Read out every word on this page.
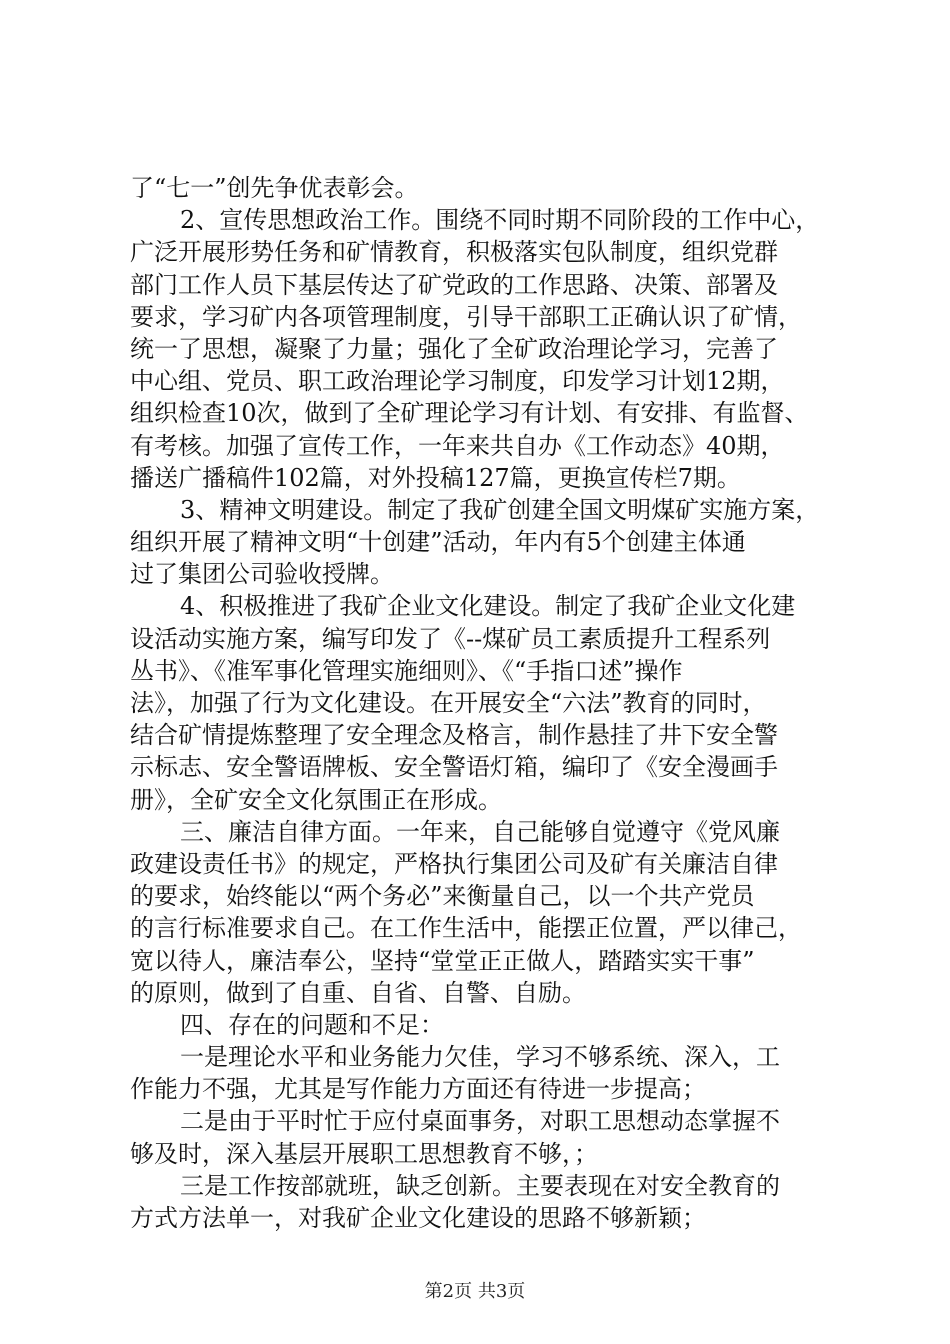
了“七一”创先争优表彰会。
2、宣传思想政治工作。围绕不同时期不同阶段的工作中心，
广泛开展形势任务和矿情教育，积极落实包队制度，组织党群
部门工作人员下基层传达了矿党政的工作思路、决策、部署及
要求，学习矿内各项管理制度，引导干部职工正确认识了矿情，
统一了思想，凝聚了力量；强化了全矿政治理论学习，完善了
中心组、党员、职工政治理论学习制度，印发学习计划12期，
组织检查10次，做到了全矿理论学习有计划、有安排、有监督、
有考核。加强了宣传工作，一年来共自办《工作动态》40期，
播送广播稿件102篇，对外投稿127篇，更换宣传栏7期。
3、精神文明建设。制定了我矿创建全国文明煤矿实施方案，
组织开展了精神文明“十创建”活动，年内有5个创建主体通
过了集团公司验收授牌。
4、积极推进了我矿企业文化建设。制定了我矿企业文化建
设活动实施方案，编写印发了《--煤矿员工素质提升工程系列
丛书》、《准军事化管理实施细则》、《“手指口述”操作
法》，加强了行为文化建设。在开展安全“六法”教育的同时，
结合矿情提炼整理了安全理念及格言，制作悬挂了井下安全警
示标志、安全警语牌板、安全警语灯箱，编印了《安全漫画手
册》，全矿安全文化氛围正在形成。
三、廉洁自律方面。一年来，自己能够自觉遵守《党风廉
政建设责任书》的规定，严格执行集团公司及矿有关廉洁自律
的要求，始终能以“两个务必”来衡量自己，以一个共产党员
的言行标准要求自己。在工作生活中，能摆正位置，严以律己，
宽以待人，廉洁奉公，坚持“堂堂正正做人，踏踏实实干事”
的原则，做到了自重、自省、自警、自励。
四、存在的问题和不足：
一是理论水平和业务能力欠佳，学习不够系统、深入，工
作能力不强，尤其是写作能力方面还有待进一步提高；
二是由于平时忙于应付桌面事务，对职工思想动态掌握不
够及时，深入基层开展职工思想教育不够，；
三是工作按部就班，缺乏创新。主要表现在对安全教育的
方式方法单一，对我矿企业文化建设的思路不够新颖；
第2页 共3页
